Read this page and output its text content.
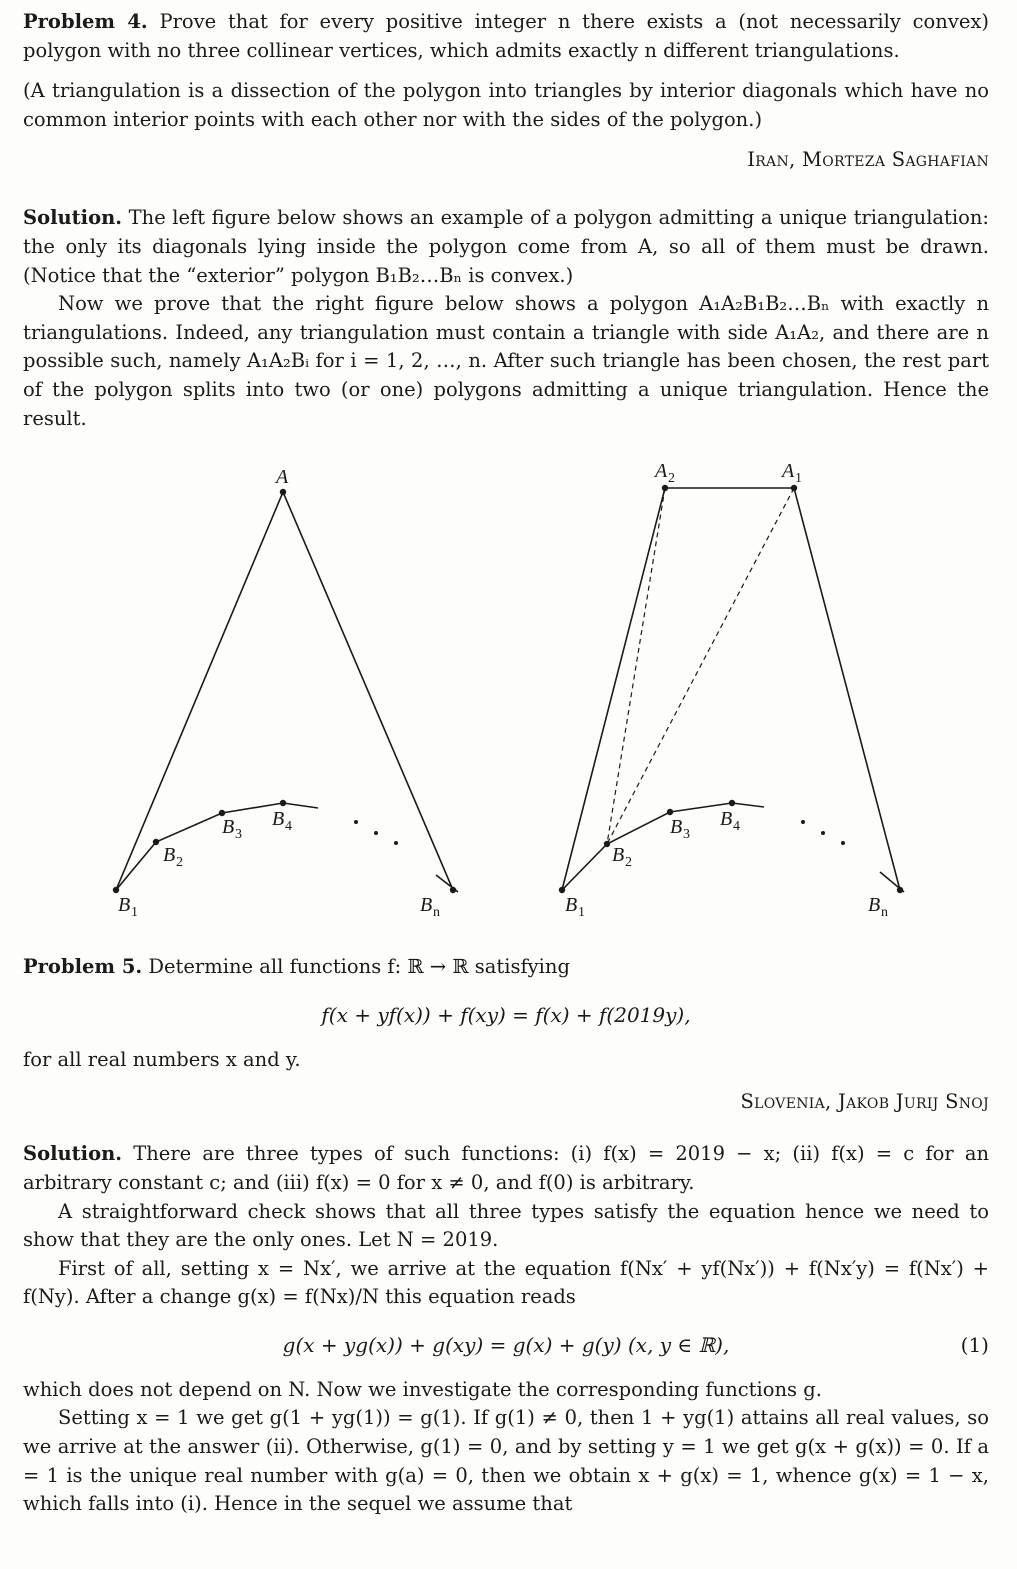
Problem 4. Prove that for every positive integer n there exists a (not necessarily convex) polygon with no three collinear vertices, which admits exactly n different triangulations.

(A triangulation is a dissection of the polygon into triangles by interior diagonals which have no common interior points with each other nor with the sides of the polygon.)

Iran, Morteza Saghafian

Solution. The left figure below shows an example of a polygon admitting a unique triangulation: the only its diagonals lying inside the polygon come from A, so all of them must be drawn. (Notice that the “exterior” polygon B₁B₂…Bₙ is convex.)

Now we prove that the right figure below shows a polygon A₁A₂B₁B₂…Bₙ with exactly n triangulations. Indeed, any triangulation must contain a triangle with side A₁A₂, and there are n possible such, namely A₁A₂Bᵢ for i = 1, 2, …, n. After such triangle has been chosen, the rest part of the polygon splits into two (or one) polygons admitting a unique triangulation. Hence the result.

A
B 1
B 2
B 3
B 4
B n
A 2	A 1
B 1
B 2
B 3
B 4
B n

Problem 5. Determine all functions f: ℝ → ℝ satisfying

f(x + yf(x)) + f(xy) = f(x) + f(2019y),

for all real numbers x and y.

Slovenia, Jakob Jurij Snoj

Solution. There are three types of such functions: (i) f(x) = 2019 − x; (ii) f(x) = c for an arbitrary constant c; and (iii) f(x) = 0 for x ≠ 0, and f(0) is arbitrary.

A straightforward check shows that all three types satisfy the equation hence we need to show that they are the only ones. Let N = 2019.

First of all, setting x = Nx′, we arrive at the equation f(Nx′ + yf(Nx′)) + f(Nx′y) = f(Nx′) + f(Ny). After a change g(x) = f(Nx)/N this equation reads

g(x + yg(x)) + g(xy) = g(x) + g(y) (x, y ∈ ℝ),	(1)

which does not depend on N. Now we investigate the corresponding functions g.

Setting x = 1 we get g(1 + yg(1)) = g(1). If g(1) ≠ 0, then 1 + yg(1) attains all real values, so we arrive at the answer (ii). Otherwise, g(1) = 0, and by setting y = 1 we get g(x + g(x)) = 0. If a = 1 is the unique real number with g(a) = 0, then we obtain x + g(x) = 1, whence g(x) = 1 − x, which falls into (i). Hence in the sequel we assume that
